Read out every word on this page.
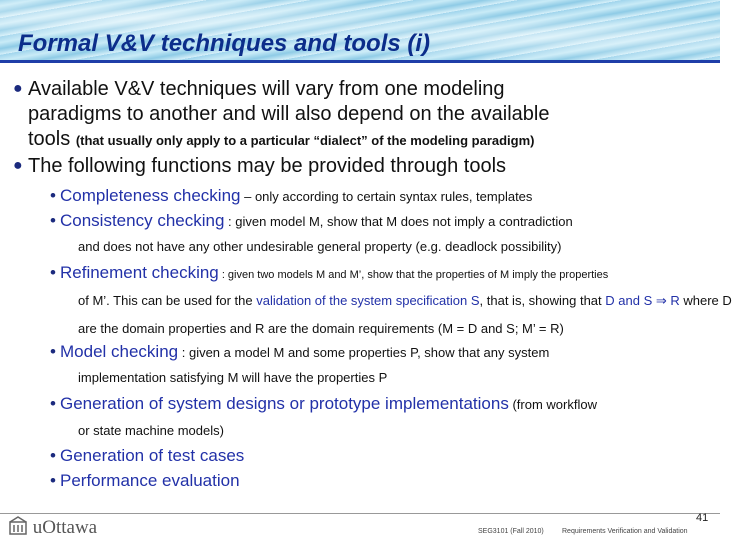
Formal V&V techniques and tools (i)
● Available V&V techniques will vary from one modeling
paradigms to another and will also depend on the available
tools (that usually only apply to a particular “dialect” of the modeling paradigm)
● The following functions may be provided through tools
• Completeness checking – only according to certain syntax rules, templates
• Consistency checking : given model M, show that M does not imply a contradiction
and does not have any other undesirable general property (e.g. deadlock possibility)
• Refinement checking : given two models M and M’, show that the properties of M imply the properties
of M’. This can be used for the validation of the system specification S, that is, showing that D and S ⇒ R where D
are the domain properties and R are the domain requirements (M = D and S; M’ = R)
• Model checking : given a model M and some properties P, show that any system
implementation satisfying M will have the properties P
• Generation of system designs or prototype implementations (from workflow
or state machine models)
• Generation of test cases
• Performance evaluation
uOttawa	SEG3101 (Fall 2010)	Requirements Verification and Validation
41
